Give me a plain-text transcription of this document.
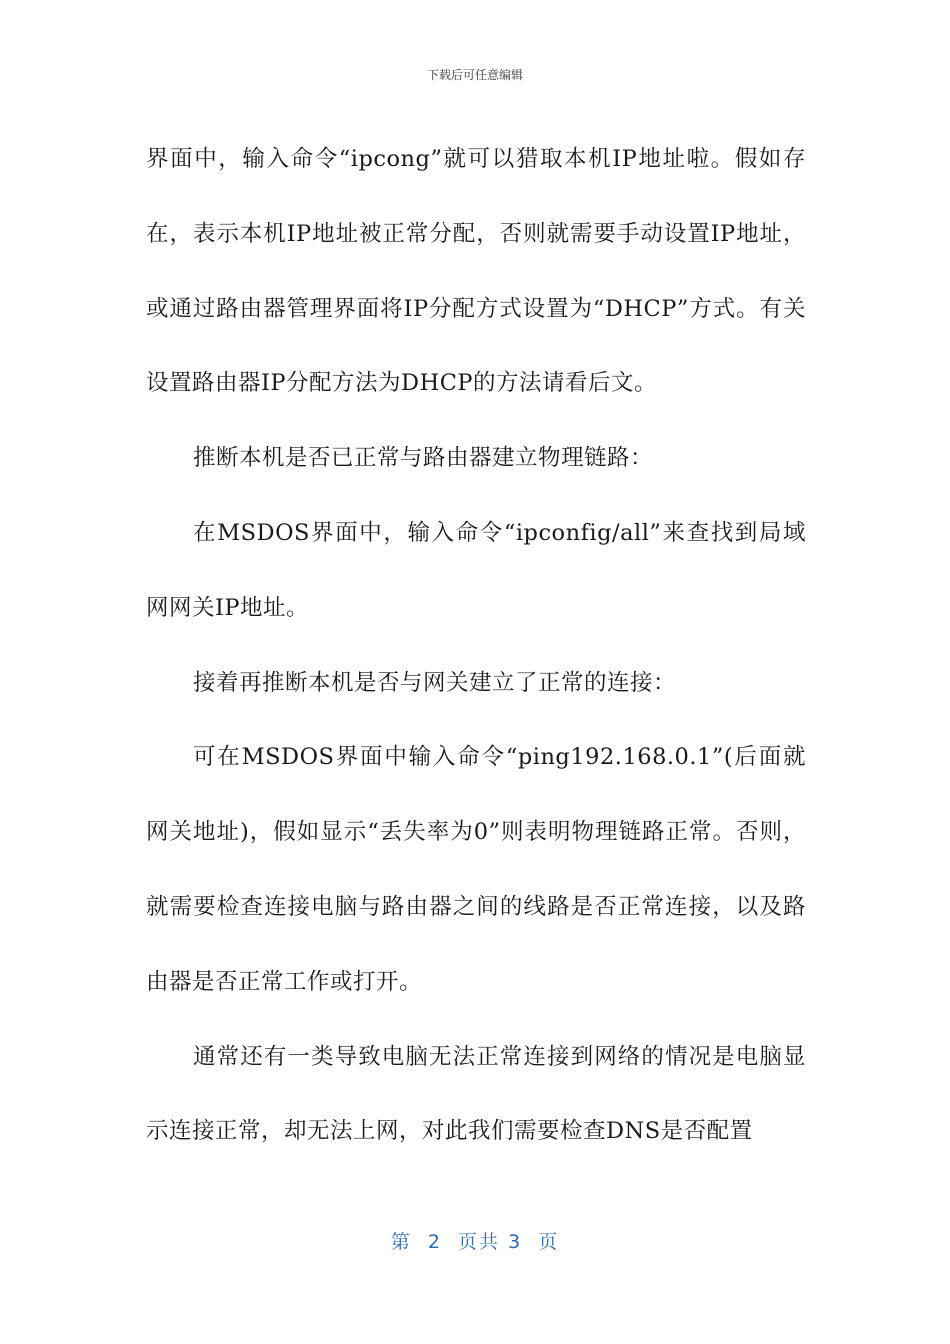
下载后可任意编辑

界面中，输入命令“ipcong”就可以猎取本机IP地址啦。假如存在，表示本机IP地址被正常分配，否则就需要手动设置IP地址，或通过路由器管理界面将IP分配方式设置为“DHCP”方式。有关设置路由器IP分配方法为DHCP的方法请看后文。

推断本机是否已正常与路由器建立物理链路：

在MSDOS界面中，输入命令“ipconfig/all”来查找到局域网网关IP地址。

接着再推断本机是否与网关建立了正常的连接：

可在MSDOS界面中输入命令“ping192.168.0.1”(后面就网关地址)，假如显示“丢失率为0”则表明物理链路正常。否则，就需要检查连接电脑与路由器之间的线路是否正常连接，以及路由器是否正常工作或打开。

通常还有一类导致电脑无法正常连接到网络的情况是电脑显示连接正常，却无法上网，对此我们需要检查DNS是否配置

第 2 页共 3 页
